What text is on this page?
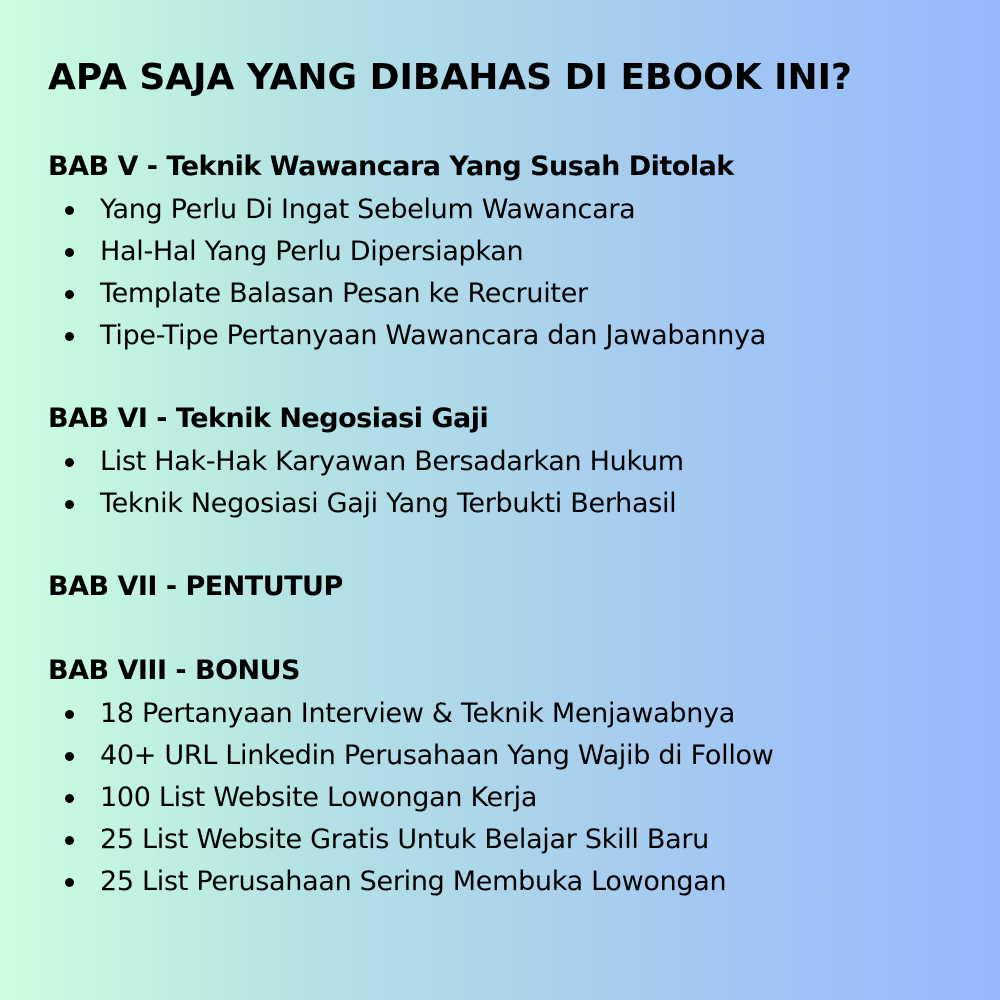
APA SAJA YANG DIBAHAS DI EBOOK INI?
BAB V - Teknik Wawancara Yang Susah Ditolak
Yang Perlu Di Ingat Sebelum Wawancara
Hal-Hal Yang Perlu Dipersiapkan
Template Balasan Pesan ke Recruiter
Tipe-Tipe Pertanyaan Wawancara dan Jawabannya
BAB VI - Teknik Negosiasi Gaji
List Hak-Hak Karyawan Bersadarkan Hukum
Teknik Negosiasi Gaji Yang Terbukti Berhasil
BAB VII - PENTUTUP
BAB VIII - BONUS
18 Pertanyaan Interview & Teknik Menjawabnya
40+ URL Linkedin Perusahaan Yang Wajib di Follow
100 List Website Lowongan Kerja
25 List Website Gratis Untuk Belajar Skill Baru
25 List Perusahaan Sering Membuka Lowongan
